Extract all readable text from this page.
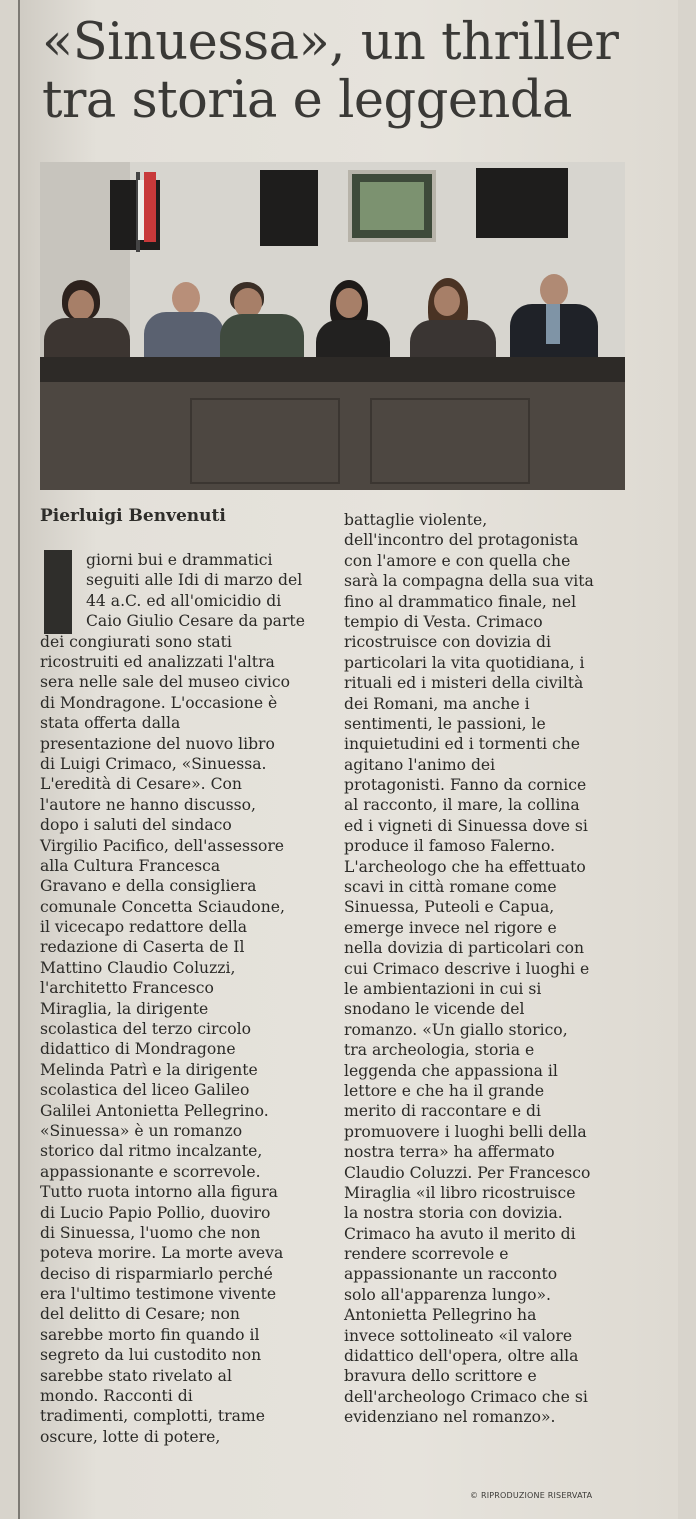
«Sinuessa», un thriller
tra storia e leggenda

Pierluigi Benvenuti

giorni bui e drammatici
seguiti alle Idi di marzo del
44 a.C. ed all'omicidio di
Caio Giulio Cesare da parte
dei congiurati sono stati
ricostruiti ed analizzati l'altra
sera nelle sale del museo civico
di Mondragone. L'occasione è
stata offerta dalla
presentazione del nuovo libro
di Luigi Crimaco, «Sinuessa.
L'eredità di Cesare». Con
l'autore ne hanno discusso,
dopo i saluti del sindaco
Virgilio Pacifico, dell'assessore
alla Cultura Francesca
Gravano e della consigliera
comunale Concetta Sciaudone,
il vicecapo redattore della
redazione di Caserta de Il
Mattino Claudio Coluzzi,
l'architetto Francesco
Miraglia, la dirigente
scolastica del terzo circolo
didattico di Mondragone
Melinda Patrì e la dirigente
scolastica del liceo Galileo
Galilei Antonietta Pellegrino.
«Sinuessa» è un romanzo
storico dal ritmo incalzante,
appassionante e scorrevole.
Tutto ruota intorno alla figura
di Lucio Papio Pollio, duoviro
di Sinuessa, l'uomo che non
poteva morire. La morte aveva
deciso di risparmiarlo perché
era l'ultimo testimone vivente
del delitto di Cesare; non
sarebbe morto fin quando il
segreto da lui custodito non
sarebbe stato rivelato al
mondo. Racconti di
tradimenti, complotti, trame
oscure, lotte di potere,
battaglie violente,
dell'incontro del protagonista
con l'amore e con quella che
sarà la compagna della sua vita
fino al drammatico finale, nel
tempio di Vesta. Crimaco
ricostruisce con dovizia di
particolari la vita quotidiana, i
rituali ed i misteri della civiltà
dei Romani, ma anche i
sentimenti, le passioni, le
inquietudini ed i tormenti che
agitano l'animo dei
protagonisti. Fanno da cornice
al racconto, il mare, la collina
ed i vigneti di Sinuessa dove si
produce il famoso Falerno.
L'archeologo che ha effettuato
scavi in città romane come
Sinuessa, Puteoli e Capua,
emerge invece nel rigore e
nella dovizia di particolari con
cui Crimaco descrive i luoghi e
le ambientazioni in cui si
snodano le vicende del
romanzo. «Un giallo storico,
tra archeologia, storia e
leggenda che appassiona il
lettore e che ha il grande
merito di raccontare e di
promuovere i luoghi belli della
nostra terra» ha affermato
Claudio Coluzzi. Per Francesco
Miraglia «il libro ricostruisce
la nostra storia con dovizia.
Crimaco ha avuto il merito di
rendere scorrevole e
appassionante un racconto
solo all'apparenza lungo».
Antonietta Pellegrino ha
invece sottolineato «il valore
didattico dell'opera, oltre alla
bravura dello scrittore e
dell'archeologo Crimaco che si
evidenziano nel romanzo».
© RIPRODUZIONE RISERVATA
